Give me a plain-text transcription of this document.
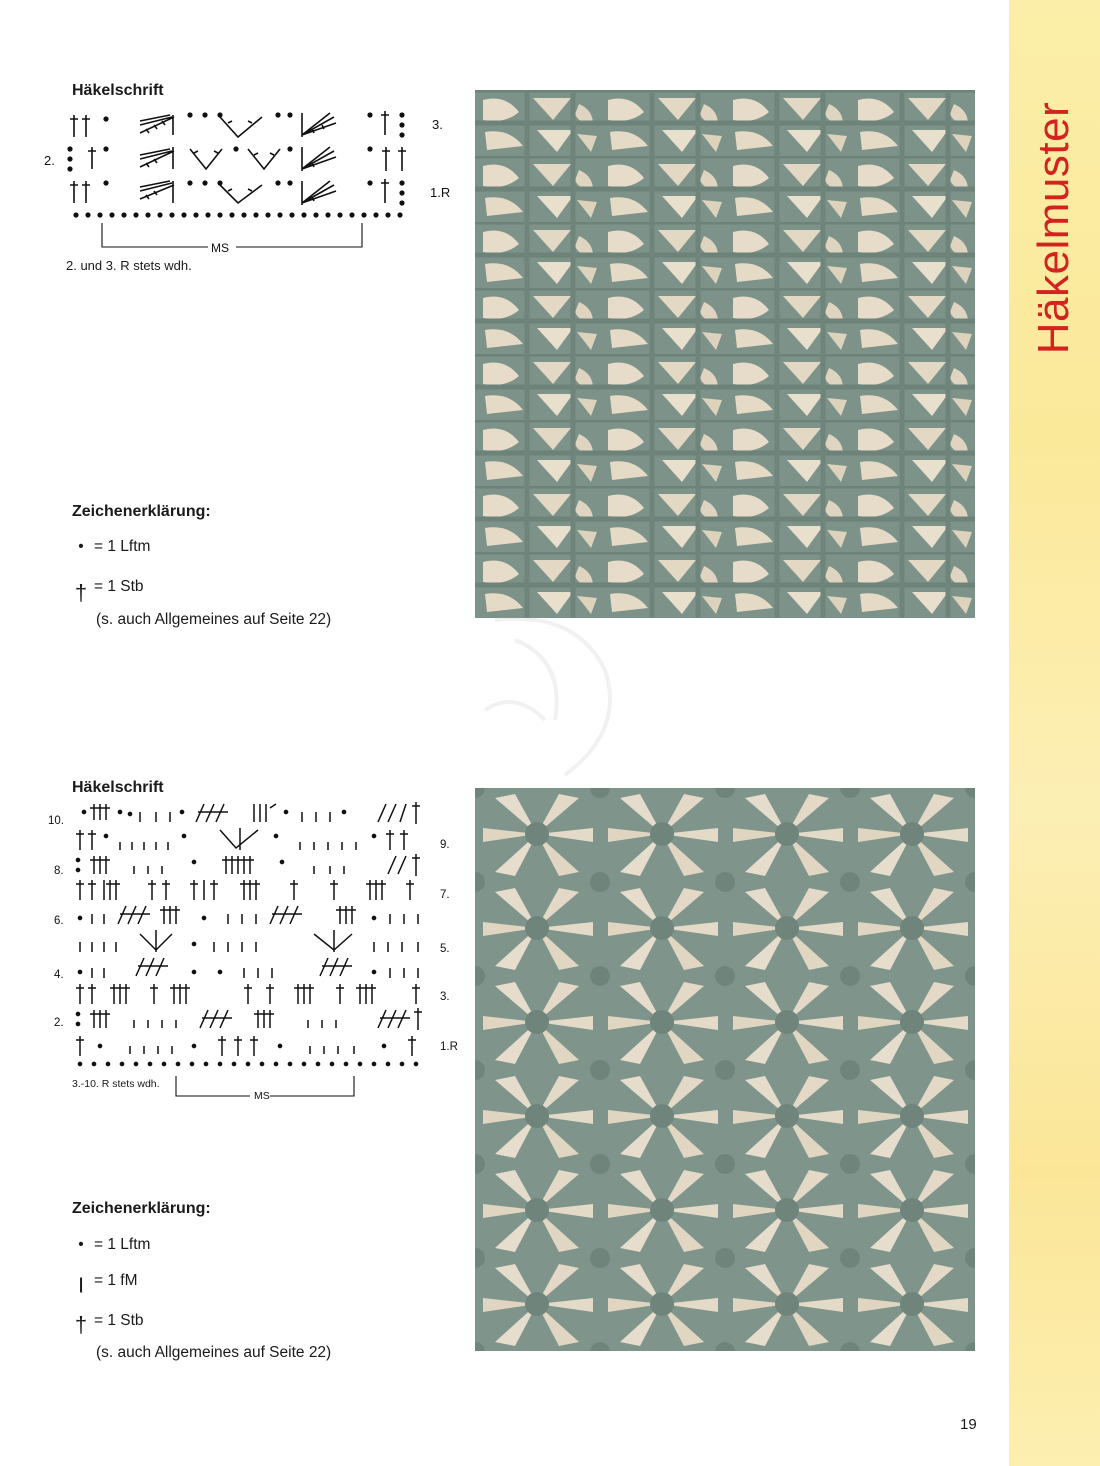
Häkelmuster
Häkelschrift
3.
2.
1.R
MS
2. und 3. R stets wdh.
Zeichenerklärung:
• = 1 Lftm
† = 1 Stb
(s. auch Allgemeines auf Seite 22)
Häkelschrift
10.
9.
8.
7.
6.
5.
4.
3.
2.
1.R
MS
3.-10. R stets wdh.
Zeichenerklärung:
• = 1 Lftm
| = 1 fM
† = 1 Stb
(s. auch Allgemeines auf Seite 22)
19
